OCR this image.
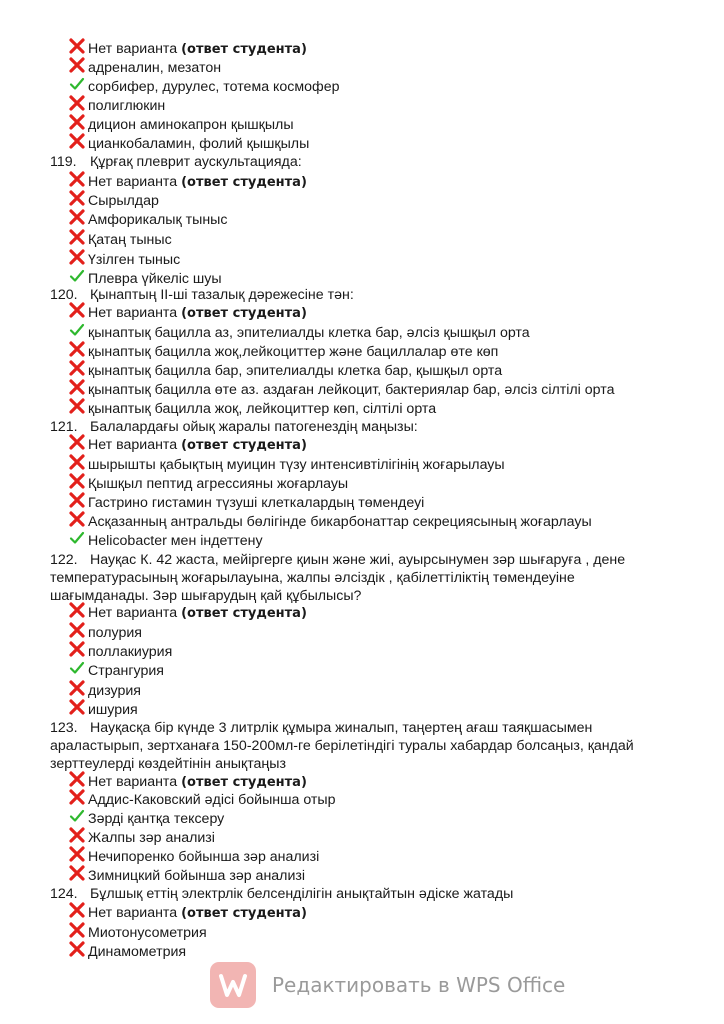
Нет варианта (ответ студента)
адреналин, мезатон
сорбифер, дурулес, тотема космофер
полиглюкин
дицион аминокапрон қышқылы
цианкобаламин, фолий қышқылы
119. Құрғақ плеврит аускультацияда:
Нет варианта (ответ студента)
Сырылдар
Амфорикалық тыныс
Қатаң тыныс
Үзілген тыныс
Плевра үйкеліс шуы
120. Қынаптың ІІ-ші тазалық дәрежесіне тән:
Нет варианта (ответ студента)
қынаптық бацилла аз, эпителиалды клетка бар, әлсіз қышқыл орта
қынаптық бацилла жоқ,лейкоциттер және бациллалар өте көп
қынаптық бацилла бар, эпителиалды клетка бар, қышқыл орта
қынаптық бацилла өте аз. аздаған лейкоцит, бактериялар бар, әлсіз сілтілі орта
қынаптық бацилла жоқ, лейкоциттер көп, сілтілі орта
121. Балалардағы ойық жаралы патогенездің маңызы:
Нет варианта (ответ студента)
шырышты қабықтың муицин түзу интенсивтілігінің жоғарылауы
Қышқыл пептид агрессияны жоғарлауы
Гастрино гистамин түзуші клеткалардың төмендеуі
Асқазанның антральды бөлігінде бикарбонаттар секрециясының жоғарлауы
Helicobacter мен індеттену
122. Науқас К. 42 жаста, мейіргерге қиын және жиі, ауырсынумен зәр шығаруға , дене
температурасының жоғарылауына, жалпы әлсіздік , қабілеттіліктің төмендеуіне
шағымданады. Зәр шығарудың қай құбылысы?
Нет варианта (ответ студента)
полурия
поллакиурия
Странгурия
дизурия
ишурия
123. Науқасқа бір күнде 3 литрлік құмыра жиналып, таңертең ағаш таяқшасымен
араластырып, зертханаға 150-200мл-ге берілетіндігі туралы хабардар болсаңыз, қандай
зерттеулерді көздейтінін анықтаңыз
Нет варианта (ответ студента)
Аддис-Каковский әдісі бойынша отыр
Зәрді қантқа тексеру
Жалпы зәр анализі
Нечипоренко бойынша зәр анализі
Зимницкий бойынша зәр анализі
124. Бұлшық еттің электрлік белсенділігін анықтайтын әдіске жатады
Нет варианта (ответ студента)
Миотонусометрия
Динамометрия
Редактировать в WPS Office
